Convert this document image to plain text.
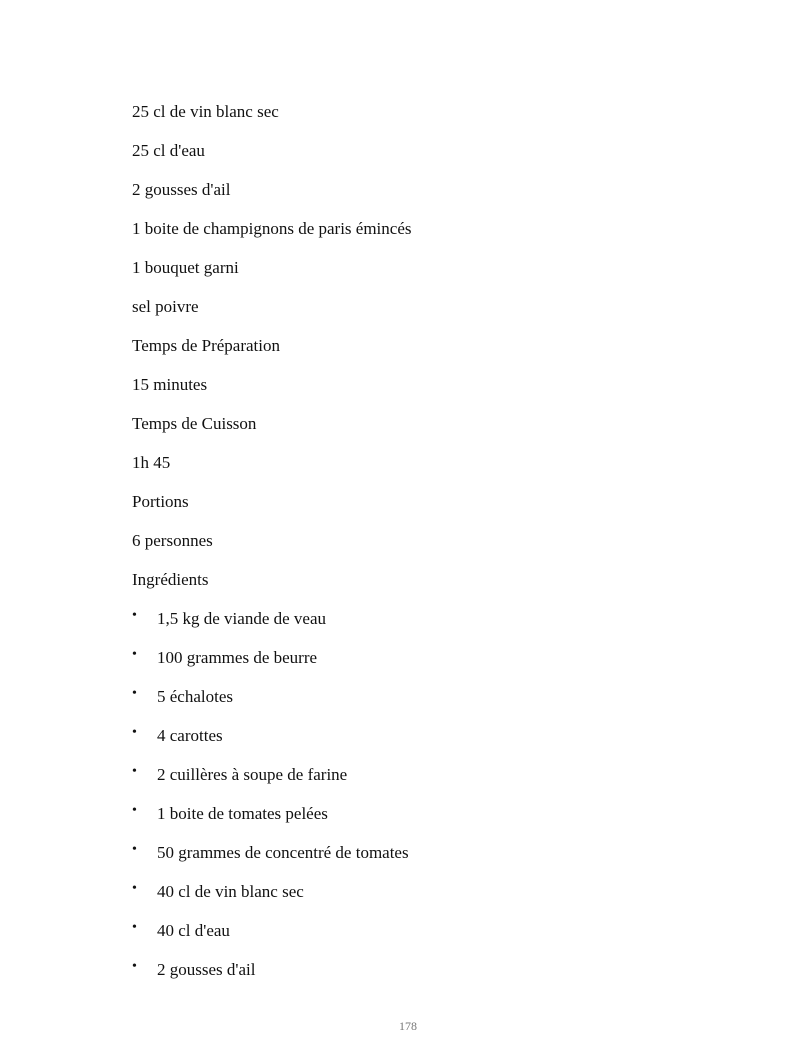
25 cl de vin blanc sec
25 cl d'eau
2 gousses d'ail
1 boite de champignons de paris émincés
1 bouquet garni
sel poivre
Temps de Préparation
15 minutes
Temps de Cuisson
1h 45
Portions
6 personnes
Ingrédients
• 1,5 kg de viande de veau
• 100 grammes de beurre
• 5 échalotes
• 4 carottes
• 2 cuillères à soupe de farine
• 1 boite de tomates pelées
• 50 grammes de concentré de tomates
• 40 cl de vin blanc sec
• 40 cl d'eau
• 2 gousses d'ail
178
